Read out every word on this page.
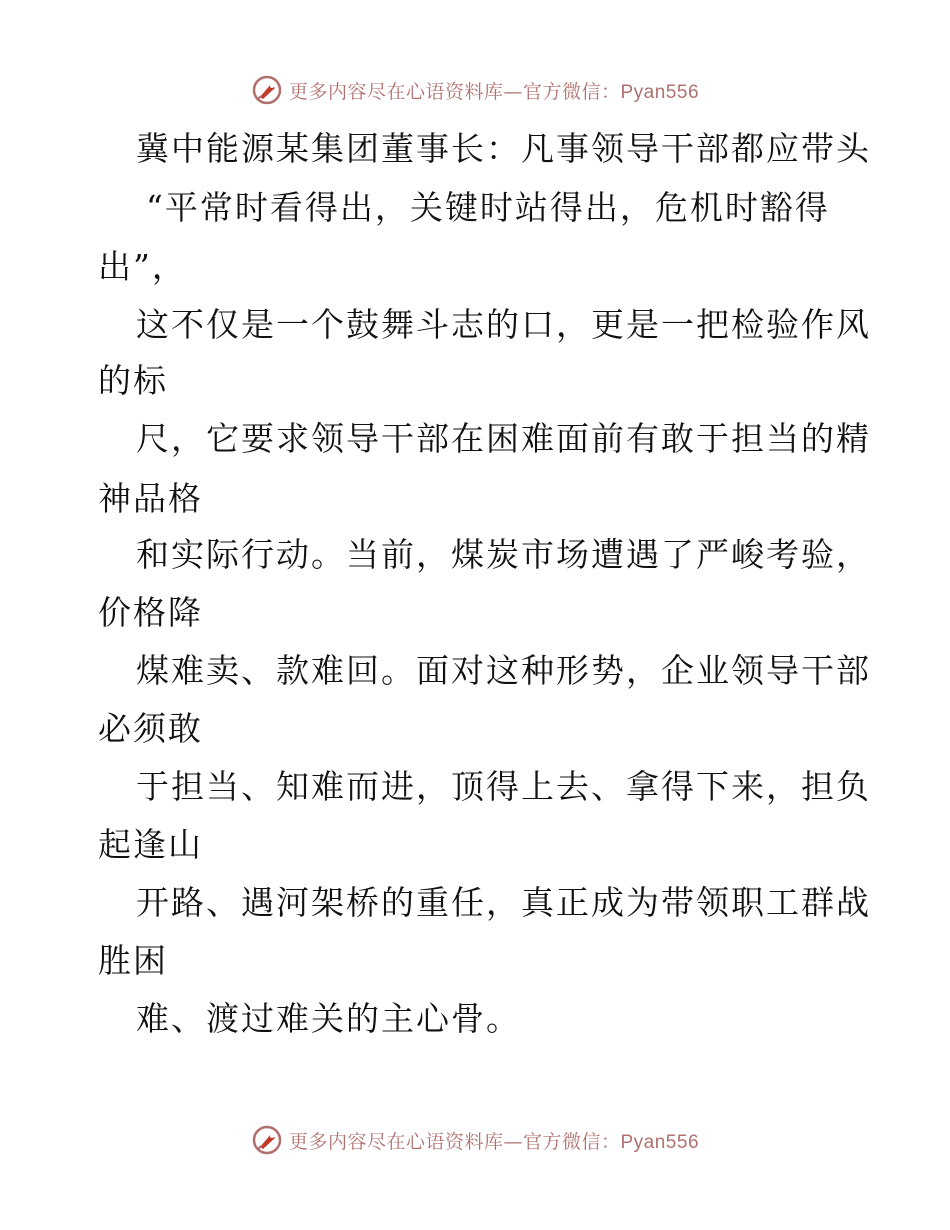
更多内容尽在心语资料库—官方微信：Pyan556
冀中能源某集团董事长：凡事领导干部都应带头
“平常时看得出，关键时站得出，危机时豁得
出”，
这不仅是一个鼓舞斗志的口，更是一把检验作风
的标
尺，它要求领导干部在困难面前有敢于担当的精
神品格
和实际行动。当前，煤炭市场遭遇了严峻考验，
价格降
煤难卖、款难回。面对这种形势，企业领导干部
必须敢
于担当、知难而进，顶得上去、拿得下来，担负
起逢山
开路、遇河架桥的重任，真正成为带领职工群战
胜困
难、渡过难关的主心骨。
更多内容尽在心语资料库—官方微信：Pyan556
